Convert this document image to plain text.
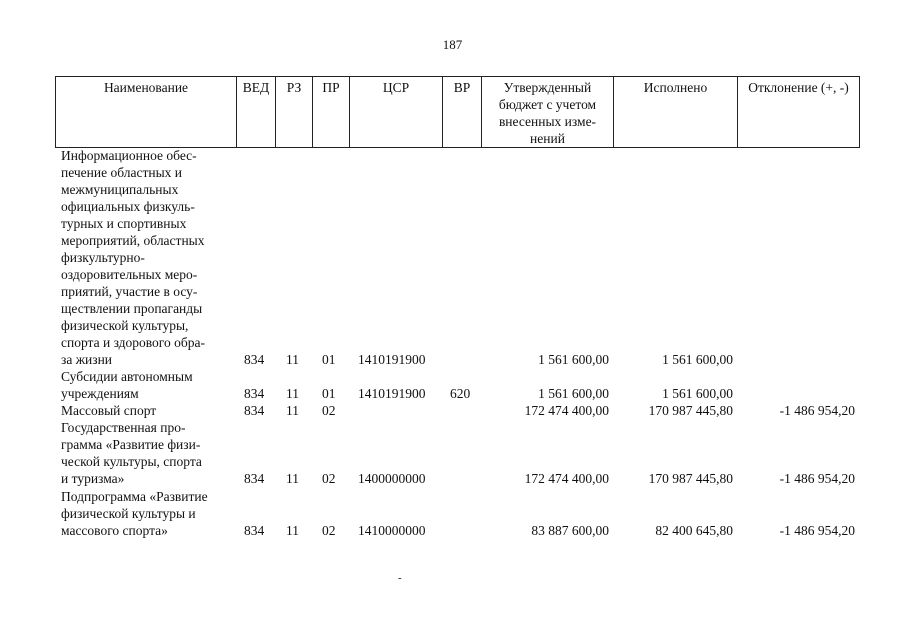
187
Наименование	ВЕД	РЗ	ПР	ЦСР	ВР	Утвержденный бюджет с учетом внесенных изме-нений	Исполнено	Отклонение (+, -)
Информационное обес-
печение областных и
межмуниципальных
официальных физкуль-
турных и спортивных
мероприятий, областных
физкультурно-
оздоровительных меро-
приятий, участие в осу-
ществлении пропаганды
физической культуры,
спорта и здорового обра-
за жизни	834 11 01 1410191900	1 561 600,00	1 561 600,00
Субсидии автономным
учреждениям	834 11 01 1410191900 620	1 561 600,00	1 561 600,00
Массовый спорт	834 11 02	172 474 400,00	170 987 445,80	-1 486 954,20
Государственная про-
грамма «Развитие физи-
ческой культуры, спорта
и туризма»	834 11 02 1400000000	172 474 400,00	170 987 445,80	-1 486 954,20
Подпрограмма «Развитие
физической культуры и
массового спорта»	834 11 02 1410000000	83 887 600,00	82 400 645,80	-1 486 954,20
-
